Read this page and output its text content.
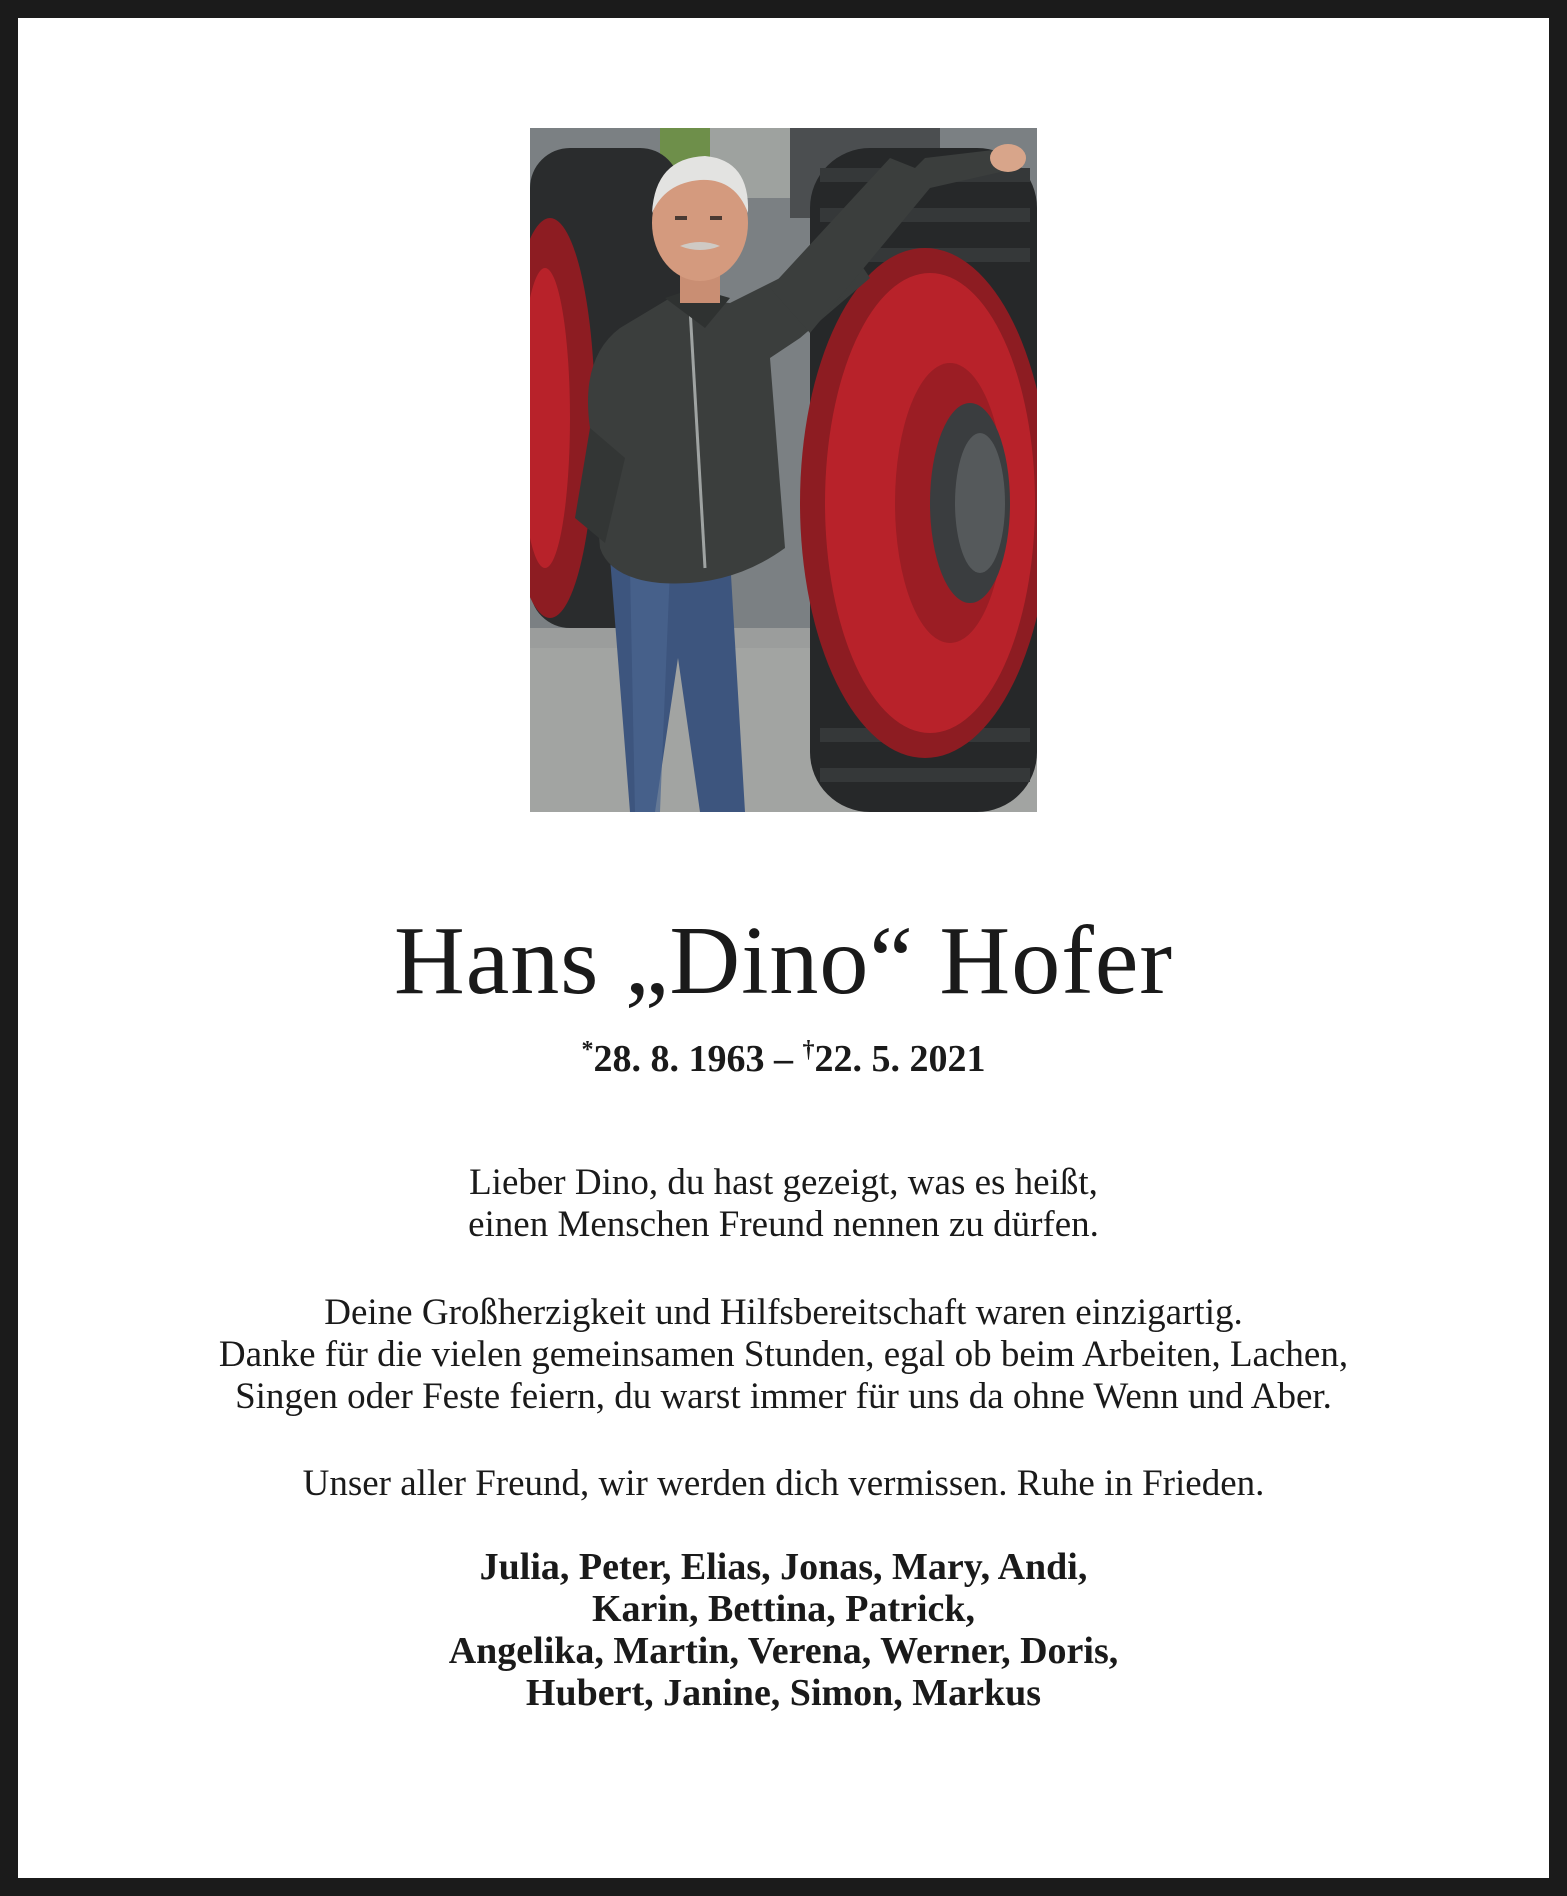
Hans „Dino“ Hofer
*28. 8. 1963 – †22. 5. 2021
Lieber Dino, du hast gezeigt, was es heißt,
einen Menschen Freund nennen zu dürfen.
Deine Großherzigkeit und Hilfsbereitschaft waren einzigartig.
Danke für die vielen gemeinsamen Stunden, egal ob beim Arbeiten, Lachen,
Singen oder Feste feiern, du warst immer für uns da ohne Wenn und Aber.
Unser aller Freund, wir werden dich vermissen. Ruhe in Frieden.
Julia, Peter, Elias, Jonas, Mary, Andi,
Karin, Bettina, Patrick,
Angelika, Martin, Verena, Werner, Doris,
Hubert, Janine, Simon, Markus
